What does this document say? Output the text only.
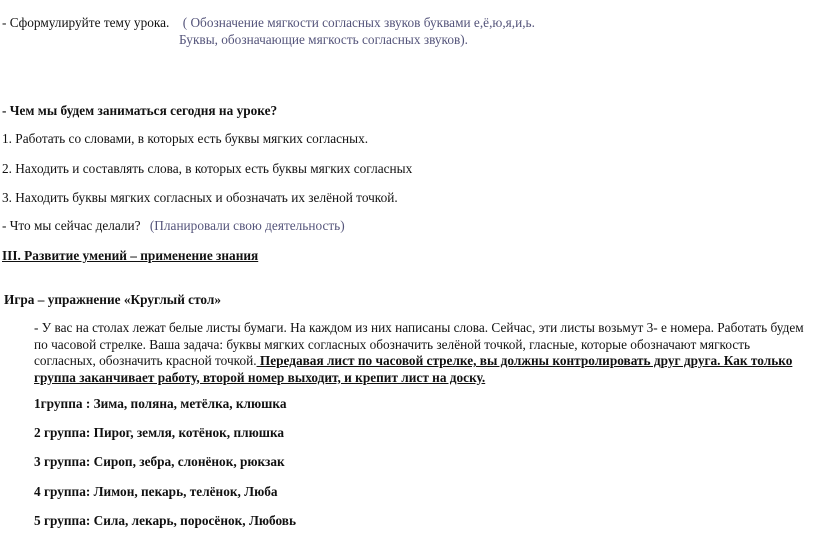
- Сформулируйте тему урока. ( Обозначение мягкости согласных звуков буквами е,ё,ю,я,и,ь.
Буквы, обозначающие мягкость согласных звуков).
- Чем мы будем заниматься сегодня на уроке?
1. Работать со словами, в которых есть буквы мягких согласных.
2. Находить и составлять слова, в которых есть буквы мягких согласных
3. Находить буквы мягких согласных и обозначать их зелёной точкой.
- Что мы сейчас делали? (Планировали свою деятельность)
III. Развитие умений – применение знания
Игра – упражнение «Круглый стол»
- У вас на столах лежат белые листы бумаги. На каждом из них написаны слова. Сейчас, эти листы возьмут 3- е номера. Работать будем по часовой стрелке. Ваша задача: буквы мягких согласных обозначить зелёной точкой, гласные, которые обозначают мягкость согласных, обозначить красной точкой. Передавая лист по часовой стрелке, вы должны контролировать друг друга. Как только группа заканчивает работу, второй номер выходит, и крепит лист на доску.
1группа : Зима, поляна, метёлка, клюшка
2 группа: Пирог, земля, котёнок, плюшка
3 группа: Сироп, зебра, слонёнок, рюкзак
4 группа: Лимон, пекарь, телёнок, Люба
5 группа: Сила, лекарь, поросёнок, Любовь
